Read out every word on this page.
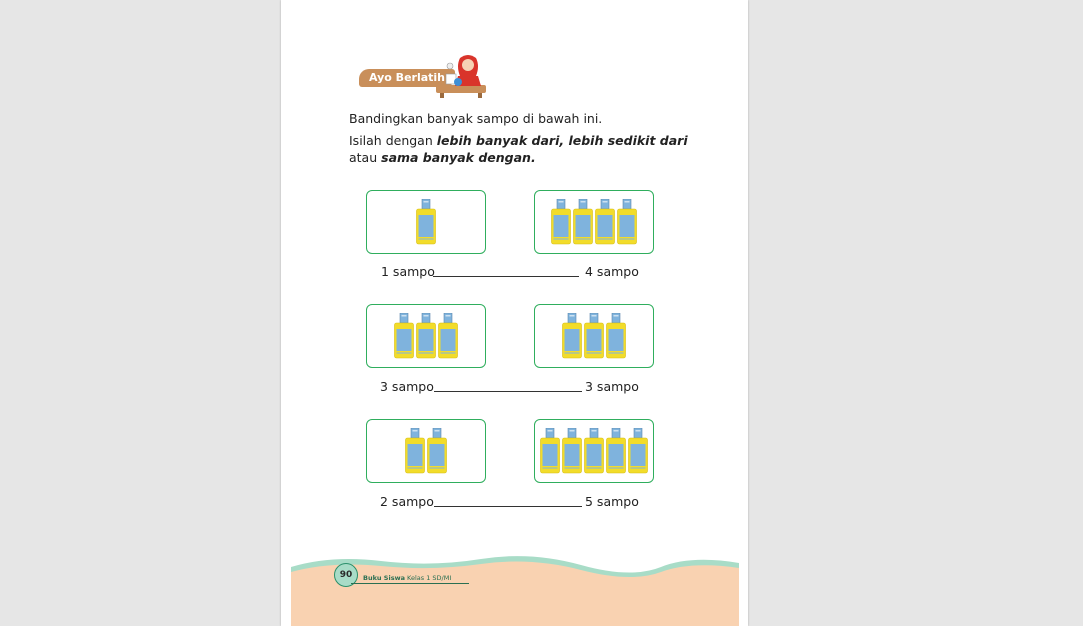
Ayo Berlatih
Bandingkan banyak sampo di bawah ini.
Isilah dengan lebih banyak dari, lebih sedikit dari
atau sama banyak dengan.
1 sampo	4 sampo
3 sampo	3 sampo
2 sampo	5 sampo
90	Buku Siswa Kelas 1 SD/MI
